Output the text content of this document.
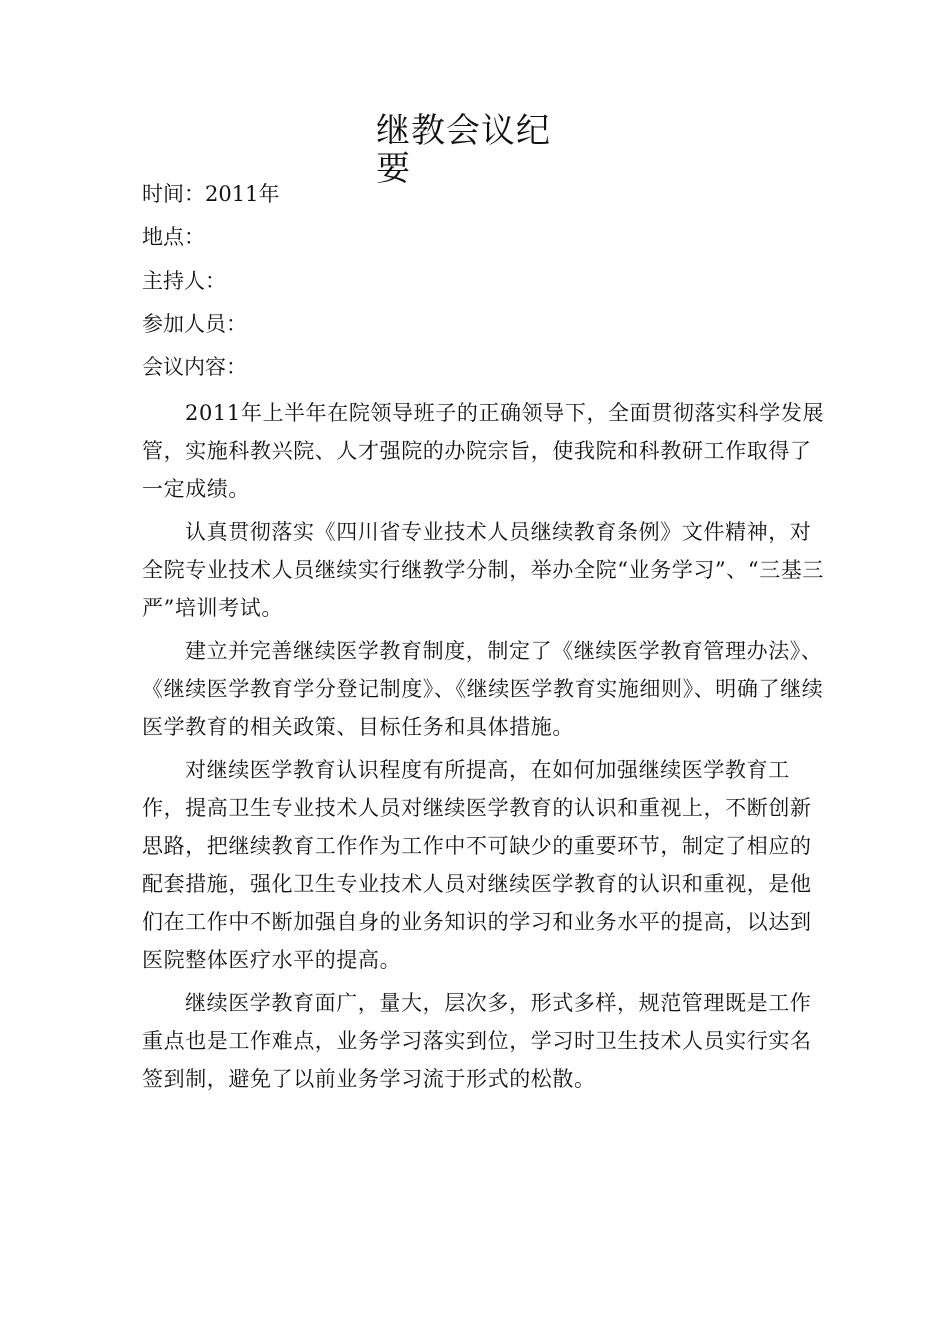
继教会议纪要
时间：2011年
地点：
主持人：
参加人员：
会议内容：

2011年上半年在院领导班子的正确领导下，全面贯彻落实科学发展管，实施科教兴院、人才强院的办院宗旨，使我院和科教研工作取得了一定成绩。

认真贯彻落实《四川省专业技术人员继续教育条例》文件精神，对全院专业技术人员继续实行继教学分制，举办全院“业务学习”、“三基三严”培训考试。

建立并完善继续医学教育制度，制定了《继续医学教育管理办法》、《继续医学教育学分登记制度》、《继续医学教育实施细则》、明确了继续医学教育的相关政策、目标任务和具体措施。

对继续医学教育认识程度有所提高，在如何加强继续医学教育工作，提高卫生专业技术人员对继续医学教育的认识和重视上，不断创新思路，把继续教育工作作为工作中不可缺少的重要环节，制定了相应的配套措施，强化卫生专业技术人员对继续医学教育的认识和重视，是他们在工作中不断加强自身的业务知识的学习和业务水平的提高，以达到医院整体医疗水平的提高。

继续医学教育面广，量大，层次多，形式多样，规范管理既是工作重点也是工作难点，业务学习落实到位，学习时卫生技术人员实行实名签到制，避免了以前业务学习流于形式的松散。
